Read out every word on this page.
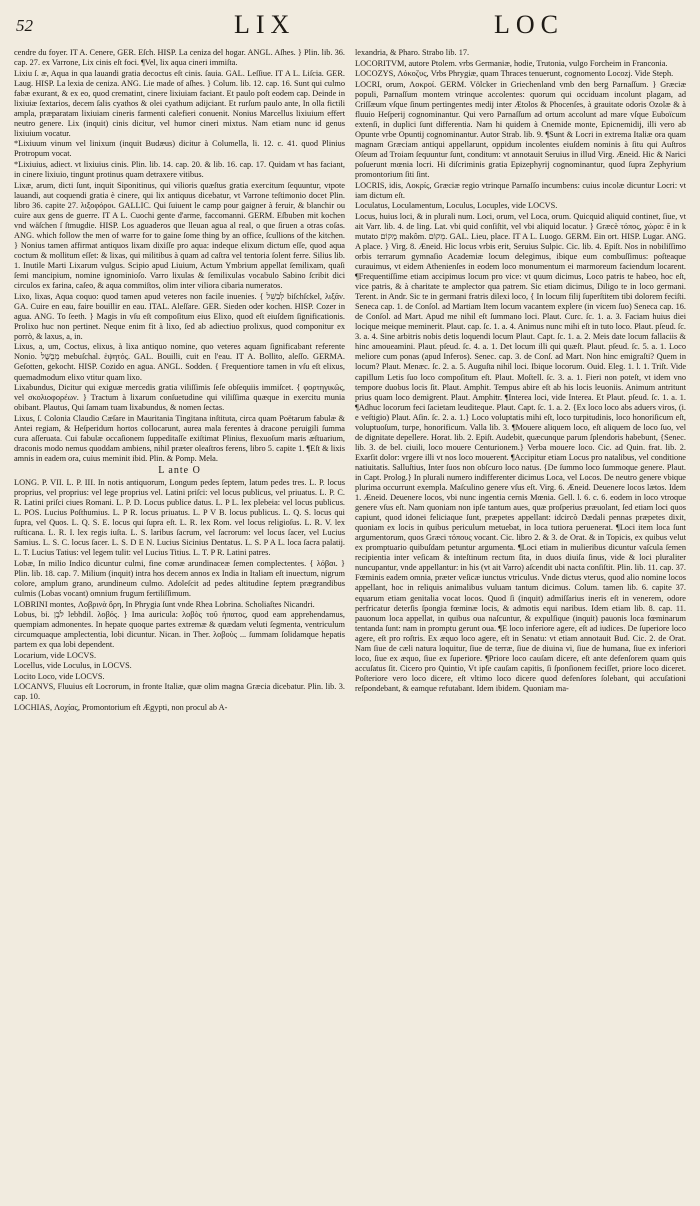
52	LIX	LOC

cendre du foyer. IT A. Cenere, GER. Eſch. HISP. La ceniza del hogar. ANGL. Aſhes. } Plin. lib. 36. cap. 27. ex Varrone, Lix cinis eſt foci. ¶Vel, lix aqua cineri immiſta.

Lixiu ſ. æ, Aqua in qua lauandi gratia decoctus eſt cinis. ſauia. GAL. Leſſiue. IT A L. Liſcia. GER. Laug. HISP. La lexia de ceniza. ANG. Lie made of aſhes. } Colum. lib. 12. cap. 16. Sunt qui culmo fabæ exurant, & ex eo, quod crematint, cinere lixiuiam faciant. Et paulo poſt eodem cap. Deinde in lixiuiæ ſextarios, decem ſalis cyathos & olei cyathum adijciant. Et rurſum paulo ante, In olla fictili ampla, præparatam lixiuiam cineris farmenti calefieri conuenit. Nonius Marcellus lixiuium effert neutro genere. Lix (inquit) cinis dicitur, vel humor cineri mixtus. Nam etiam nunc id genus lixiuium vocatur.

*Lixiuum vinum vel linixum (inquit Budæus) dicitur à Columella, li. 12. c. 41. quod Plinius Protropum vocat.

*Lixiuius, adiect. vt lixiuius cinis. Plin. lib. 14. cap. 20. & lib. 16. cap. 17. Quidam vt has faciant, in cinere lixiuio, tingunt protinus quam detraxere vitibus.

Lixæ, arum, dicti ſunt, inquit Siponitinus, qui vilioris quæſtus gratia exercitum ſequuntur, vtpote lauandi, aut coquendi gratia è cinere, qui lix antiquus dicebatur, vt Varrone teſtimonio docet Plin. libro 36. capite 27. λιξοφόροι. GALLIC. Qui ſuiuent le camp pour gaigner à feruir, & blanchir ou cuire aux gens de guerre. IT A L. Cuochi gente d'arme, faccomanni. GERM. Eſbuben mit kochen vnd wäſchen ſ ſtmugdie. HISP. Los aguaderos que lleuan agua al real, o que ſiruen a otras coſas. ANG. which follow the men of warre for to gaine ſome thing by an office, ſcullions of the kitchen. } Nonius tamen affirmat antiquos lixam dixiſſe pro aqua: indeque elixum dictum eſſe, quod aqua coctum & mollitum eſſet: & lixas, qui militibus à quam ad caſtra vel tentoria ſolent ferre. Silius lib. 1. Inutile Marti Lixarum vulgus. Scipio apud Liuium, Actum Ymbrium appellat ſemilixam, quaſi ſemi mancipium, nomine ignominioſo. Varro lixulas & ſemilixulas vocabulo Sabino ſcribit dici circulos ex farina, caſeo, & aqua commiſtos, olim inter viliora cibaria numeratos.

Lixo, lixas, Aqua coquo: quod tamen apud veteres non facile inuenies. { לְבַשֵּׁל biſchſckel, λιξᾶν. GA. Cuire en eau, faire bouillir en eau. ITAL. Aleſſare. GER. Sieden oder kochen. HISP. Cozer in agua. ANG. To ſeeth. } Magis in vſu eſt compoſitum eius Elixo, quod eſt eiuſdem ſignificationis. Prolixo huc non pertinet. Neque enim fit à lixo, ſed ab adiectiuo prolixus, quod componitur ex porrò, & laxus, a, in.

Lixus, a, um, Coctus, elixus, à lixa antiquo nomine, quo veteres aquam ſignificabant referente Nonio. מְבֻשָּׁל mebuſchal. ἑψητός. GAL. Bouilli, cuit en l'eau. IT A. Bollito, aleſſo. GERMA. Geſotten, gekocht. HISP. Cozido en agua. ANGL. Sodden. { Frequentiore tamen in vſu eſt elixus, quemadmodum elixo vtitur quam lixo.

Lixabundus, Dicitur qui exiguæ mercedis gratia viliſſimis ſeſe obſequiis immiſcet. { φορτηγικῶς, vel σκολιοφορέων. } Tractum à lixarum conſuetudine qui viliſſima quæque in exercitu munia obibant. Plautus, Qui ſamam tuam lixabundus, & nomen ſectas.

Lixus, ſ. Colonia Claudio Cæſare in Mauritania Tingitana inſtituta, circa quam Poëtarum fabulæ & Antei regiam, & Heſperidum hortos collocarunt, aurea mala ferentes à dracone peruigili ſumma cura aſſeruata. Cui fabulæ occaſionem ſuppeditaſſe exiſtimat Plinius, flexuoſum maris æſtuarium, draconis modo nemus quoddam ambiens, nihil præter oleaſtros ferens, libro 5. capite 1. ¶Eſt & lixis amnis in eadem ora, cuius meminit ibid. Plin. & Pomp. Mela.

L ante O

LONG. P. VII. L. P. III. In notis antiquorum, Longum pedes ſeptem, latum pedes tres. L. P. locus proprius, vel proprius: vel lege proprius vel. Latini priſci: vel locus publicus, vel priuatus. L. P. C. R. Latini priſci ciues Romani. L. P. D. Locus publice datus. L. P L. lex plebeia: vel locus publicus. L. POS. Lucius Poſthumius. L. P R. locus priuatus. L. P V B. locus publicus. L. Q. S. locus qui ſupra, vel Quos. L. Q. S. E. locus qui ſupra eſt. L. R. lex Rom. vel locus religioſus. L. R. V. lex ruſticana. L. R. I. lex regis iuſta. L. S. laribus ſacrum, vel ſacrorum: vel locus ſacer, vel Lucius Samius. L. S. C. locus ſacer. L. S. D E N. Lucius Sicinius Dentatus. L. S. P A L. loca ſacra palatij. L. T. Lucius Tatius: vel legem tulit: vel Lucius Titius. L. T. P R. Latini patres.

Lobæ, In milio Indico dicuntur culmi, fine comæ arundinaceæ ſemen complectentes. { λόβαι. } Plin. lib. 18. cap. 7. Milium (inquit) intra hos decem annos ex India in Italiam eſt inuectum, nigrum colore, amplum grano, arundineum culmo. Adoleſcit ad pedes altitudine ſeptem prægrandibus culmis (Lobas vocant) omnium frugum fertiliſſimum.

LOBRINI montes, Λοβρινὰ ὄρη, In Phrygia ſunt vnde Rhea Lobrina. Scholiaſtes Nicandri.

Lobus, bi. לֹבֶן lebhdil. λοβός. } Ima auricula: λοβὸς τοῦ ἡπατος, quod eam apprehendamus, quempiam admonentes. In hepate quoque partes extremæ & quædam veluti ſegmenta, ventriculum circumquaque amplectentia, lobi dicuntur. Nican. in Ther. λοβοὺς ... ſummam ſolidamque hepatis partem ex qua lobi dependent.

Locarium, vide LOCVS.

Locellus, vide Loculus, in LOCVS.

Locito Loco, vide LOCVS.

LOCANVS, Fluuius eſt Locrorum, in fronte Italiæ, quæ olim magna Græcia dicebatur. Plin. lib. 3. cap. 10.

LOCHIAS, Λοχίας, Promontorium eſt Ægypti, non procul ab A-

lexandria, & Pharo. Strabo lib. 17.

LOCORITVM, autore Ptolem. vrbs Germaniæ, hodie, Trutonia, vulgo Forcheim in Franconia.

LOCOZYS, Λόκοζυς, Vrbs Phrygiæ, quam Thraces tenuerunt, cognomento Locozj. Vide Steph.

LOCRI, orum, Λοκροί. GERM. Völcker in Griechenland vmb den berg Parnaſſum. } Græciæ populi, Parnaſſum montem vtrinque accolentes: quorum qui occiduam incolunt plagam, ad Criſſæum vſque ſinum pertingentes medij inter Ætolos & Phocenſes, à grauitate odoris Ozolæ & à fluuio Heſperij cognominantur. Qui vero Parnaſſum ad ortum accolunt ad mare vſque Euboïcum extenſi, in duplici ſunt differentia. Nam hi quidem à Cnemide monte, Epicnemidij, illi vero ab Opunte vrbe Opuntij cognominantur. Autor Strab. lib. 9. ¶Sunt & Locri in extrema Italiæ ora quam magnam Græciam antiqui appellarunt, oppidum incolentes eiuſdem nominis à ſitu qui Auſtros Oſeum ad Troiam ſequuntur ſunt, conditum: vt annotauit Seruius in illud Virg. Æneid. Hic & Narici poſuerunt mœnia locri. Hi diſcriminis gratia Epizephyrij cognominantur, quod ſupra Zephyrium promontorium ſiti ſint.

LOCRIS, idis, Λοκρίς, Græciæ regio vtrinque Parnaſſo incumbens: cuius incolæ dicuntur Locri: vt iam dictum eſt.

Loculatus, Loculamentum, Loculus, Locuples, vide LOCVS.

Locus, huius loci, & in plurali num. Loci, orum, vel Loca, orum. Quicquid aliquid continet, ſiue, vt ait Varr. lib. 4. de ling. Lat. vbi quid conſiſtit, vel vbi aliquid locatur. } Græcè τόπος, χώρα: ē in k mutato מָקוֹם makôm. מְקוֹם. GAL. Lieu, place. IT A L. Luogo. GERM. Ein ort. HISP. Lugar. ANG. A place. } Virg. 8. Æneid. Hic locus vrbis erit, Seruius Sulpic. Cic. lib. 4. Epiſt. Nos in nobiliſſimo orbis terrarum gymnaſio Academiæ locum delegimus, ibique eum combuſſimus: poſteaque curauimus, vt eidem Athenienſes in eodem loco monumentum ei marmoreum faciendum locarent. ¶Frequentiſſime etiam accipimus locum pro vice: vt quum dicimus, Loco patris te habeo, hoc eſt, vice patris, & à charitate te amplector qua patrem. Sic etiam dicimus, Diligo te in loco germani. Terent. in Andr. Sic te in germani fratris dilexi loco, { In locum filij ſuperſtitem tibi dolorem feciſti. Seneca cap. 1. de Conſol. ad Martiam Item locum vacantem explere (in vicem ſuo) Seneca cap. 16. de Conſol. ad Mart. Apud me nihil eſt ſummano loci. Plaut. Curc. ſc. 1. a. 3. Faciam huius diei locique meique meminerit. Plaut. cap. ſc. 1. a. 4. Animus nunc mihi eſt in tuto loco. Plaut. pſeud. ſc. 3. a. 4. Sine arbitris nobis detis loquendi locum Plaut. Capt. ſc. 1. a. 2. Meis date locum fallaciis & hinc amoueamini. Plaut. pſeud. ſc. 4. a. 1. Det locum illi qui quæſt. Plaut. pſeud. ſc. 5. a. 1. Loco meliore cum ponas (apud Inferos). Senec. cap. 3. de Conſ. ad Mart. Non hinc emigraſti? Quem in locum? Plaut. Menæc. ſc. 2. a. 5. Auguſta nihil loci. Ibique locorum. Ouid. Eleg. 1. l. 1. Triſt. Vide capillum Letis ſuo loco compoſitum eſt. Plaut. Moſtell. ſc. 3. a. 1. Fieri non poteſt, vt idem vno tempore duobus locis ſit. Plaut. Amphit. Tempus abire eſt ab his locis leuoniis. Animum antritunt prius quam loco demigrent. Plaut. Amphitr. ¶Interea loci, vide Interea. Et Plaut. pſeud. ſc. 1. a. 1. ¶Adhuc locorum feci ſacietam leuditeque. Plaut. Capt. ſc. 1. a. 2. {Ex loco loco abs aduers viros, (i. e veſtigio) Plaut. Aſin. ſc. 2. a. 1.} Loco voluptatis mihi eſt, loco turpitudinis, loco honoriſicum eſt, voluptuoſum, turpe, honorificum. Valla lib. 3. ¶Mouere aliquem loco, eſt aliquem de loco ſuo, vel de dignitate depellere. Horat. lib. 2. Epiſt. Audebit, quæcunque parum ſplendoris habebunt, {Senec. lib. 3. de bel. ciuili, loco mouere Centurionem.} Verba mouere loco. Cic. ad Quin. frat. lib. 2. Exarſit dolor: vrgere illi vt nos loco mouerent. ¶Accipitur etiam Locus pro natalibus, vel conditione natiuitatis. Salluſtius, Inter ſuos non obſcuro loco natus. {De ſummo loco ſummoque genere. Plaut. in Capt. Prolog.} In plurali numero indifferenter dicimus Loca, vel Locos. De neutro genere vbique plurima occurrunt exempla. Maſculino genere vſus eſt. Virg. 6. Æneid. Deuenere locos lætos. Idem 1. Æneid. Deuenere locos, vbi nunc ingentia cernis Mœnia. Gell. l. 6. c. 6. eodem in loco vtroque genere vſus eſt. Nam quoniam non ipſe tantum aues, quæ proſperius præuolant, ſed etiam loci quos capiunt, quod idonei feliciaque ſunt, præpetes appellant: idcircò Dædali pennas præpetes dixit, quoniam ex locis in quibus periculum metuebat, in loca tutiora peruenerat. ¶Loci item loca ſunt argumentorum, quos Græci τόπους vocant. Cic. libro 2. & 3. de Orat. & in Topicis, ex quibus velut ex promptuario quibuſdam petuntur argumenta. ¶Loci etiam in mulieribus dicuntur vaſcula ſemen recipientia inter veſicam & inteſtinum rectum ſita, in duos diuiſa ſinus, vide & loci pluraliter nuncupantur, vnde appellantur: in his (vt ait Varro) aſcendit ubi nacta conſiſtit. Plin. lib. 11. cap. 37. Fœminis eadem omnia, præter veſicæ iunctus vtriculus. Vnde dictus vterus, quod alio nomine locos appellant, hoc in reliquis animalibus vuluam tantum dicimus. Colum. tamen lib. 6. capite 37. equarum etiam genitalia vocat locos. Quod ſi (inquit) admiſſarius ineris eſt in venerem, odore perfricatur deterſis ſpongia fœminæ locis, & admotis equi naribus. Idem etiam lib. 8. cap. 11. pauonum loca appellat, in quibus oua naſcuntur, & expulſique (inquit) pauonis loca fœminarum tentanda ſunt: nam in promptu gerunt oua. ¶E loco inferiore agere, eſt ad iudices. De ſuperiore loco agere, eſt pro roſtris. Ex æquo loco agere, eſt in Senatu: vt etiam annotauit Bud. Cic. 2. de Orat. Nam ſiue de cæli natura loquitur, ſiue de terræ, ſiue de diuina vi, ſiue de humana, ſiue ex inferiori loco, ſiue ex æquo, ſiue ex ſuperiore. ¶Priore loco cauſam dicere, eſt ante defenſorem quam quis accuſatus ſit. Cicero pro Quintio, Vt ipſe cauſam capitis, ſi ſponſionem feciſſet, priore loco diceret. Poſteriore vero loco dicere, eſt vltimo loco dicere quod defenſores ſolebant, qui accuſationi reſpondebant, & eamque refutabant. Idem ibidem. Quoniam ma-
